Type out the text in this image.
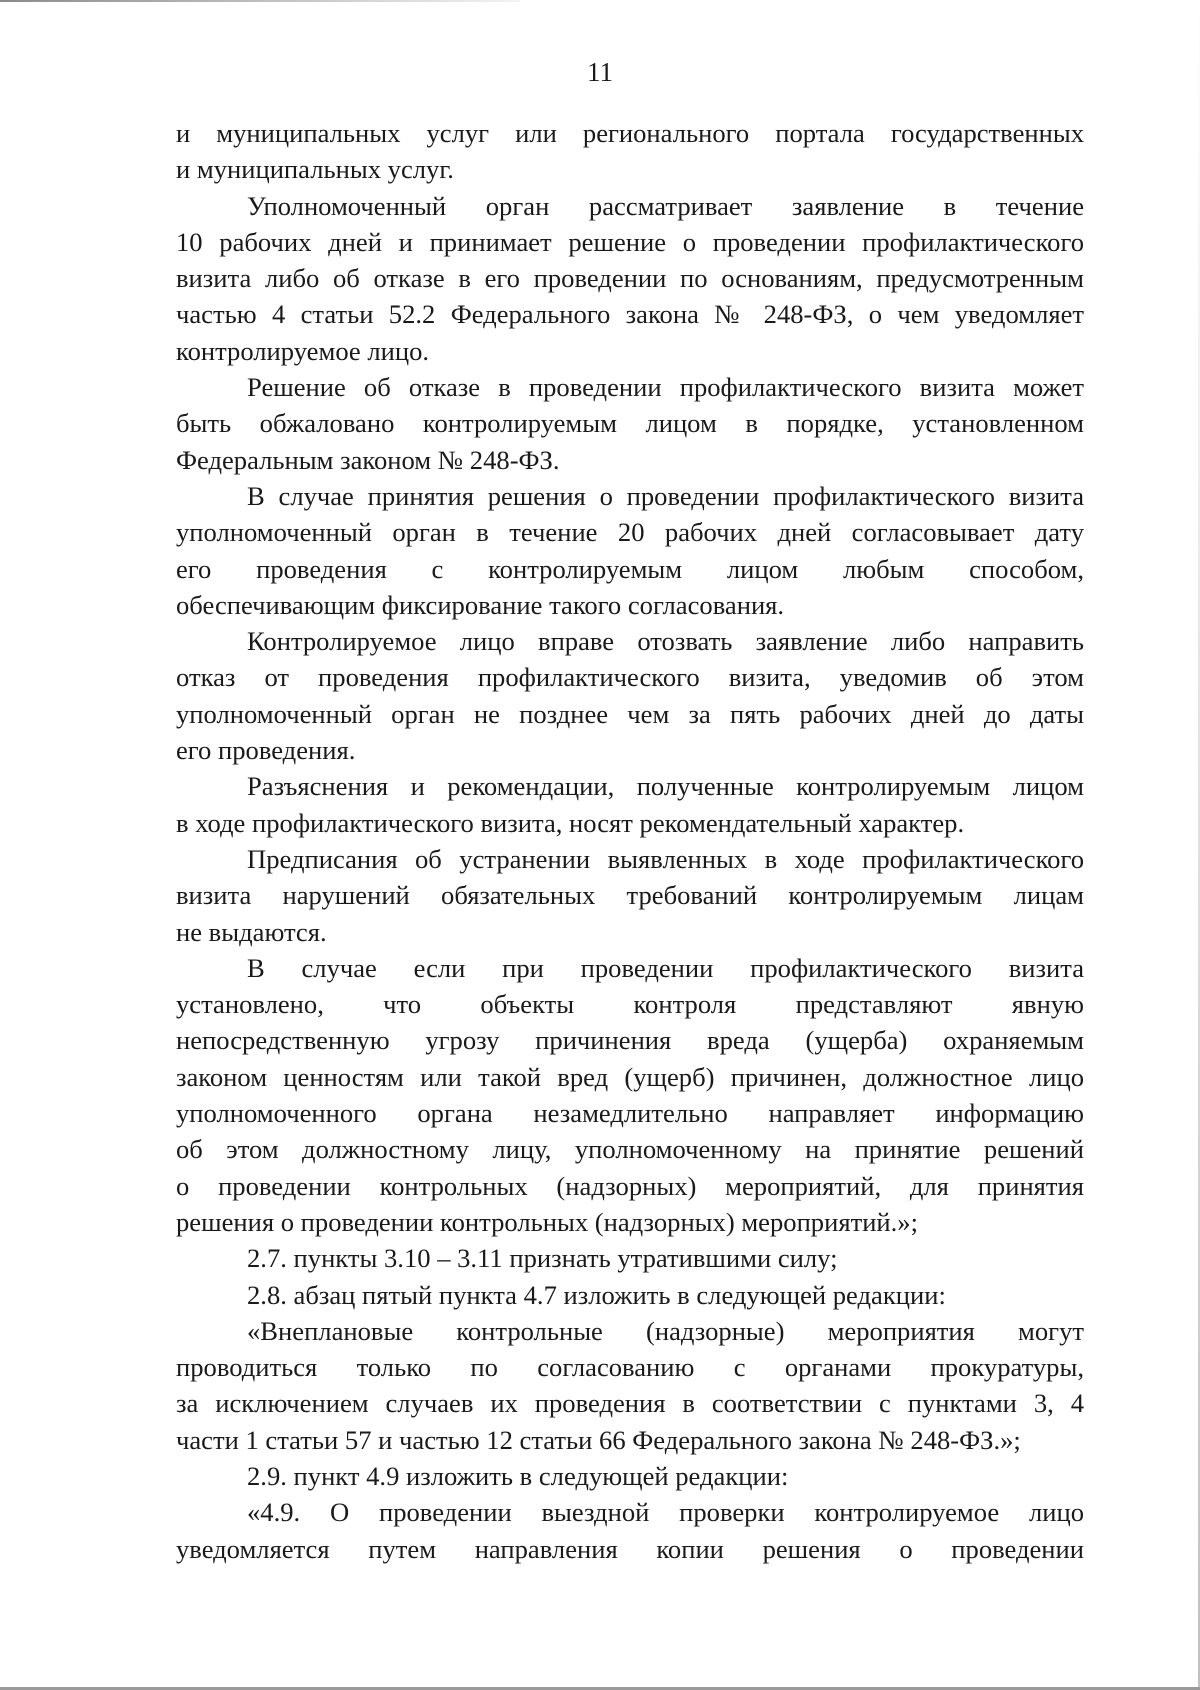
11

и муниципальных услуг или регионального портала государственных
и муниципальных услуг.

Уполномоченный орган рассматривает заявление в течение
10 рабочих дней и принимает решение о проведении профилактического
визита либо об отказе в его проведении по основаниям, предусмотренным
частью 4 статьи 52.2 Федерального закона № 248-ФЗ, о чем уведомляет
контролируемое лицо.

Решение об отказе в проведении профилактического визита может
быть обжаловано контролируемым лицом в порядке, установленном
Федеральным законом № 248-ФЗ.

В случае принятия решения о проведении профилактического визита
уполномоченный орган в течение 20 рабочих дней согласовывает дату
его проведения с контролируемым лицом любым способом,
обеспечивающим фиксирование такого согласования.

Контролируемое лицо вправе отозвать заявление либо направить
отказ от проведения профилактического визита, уведомив об этом
уполномоченный орган не позднее чем за пять рабочих дней до даты
его проведения.

Разъяснения и рекомендации, полученные контролируемым лицом
в ходе профилактического визита, носят рекомендательный характер.

Предписания об устранении выявленных в ходе профилактического
визита нарушений обязательных требований контролируемым лицам
не выдаются.

В случае если при проведении профилактического визита
установлено, что объекты контроля представляют явную
непосредственную угрозу причинения вреда (ущерба) охраняемым
законом ценностям или такой вред (ущерб) причинен, должностное лицо
уполномоченного органа незамедлительно направляет информацию
об этом должностному лицу, уполномоченному на принятие решений
о проведении контрольных (надзорных) мероприятий, для принятия
решения о проведении контрольных (надзорных) мероприятий.»;

2.7. пункты 3.10 – 3.11 признать утратившими силу;

2.8. абзац пятый пункта 4.7 изложить в следующей редакции:

«Внеплановые контрольные (надзорные) мероприятия могут
проводиться только по согласованию с органами прокуратуры,
за исключением случаев их проведения в соответствии с пунктами 3, 4
части 1 статьи 57 и частью 12 статьи 66 Федерального закона № 248-ФЗ.»;

2.9. пункт 4.9 изложить в следующей редакции:

«4.9. О проведении выездной проверки контролируемое лицо
уведомляется путем направления копии решения о проведении
